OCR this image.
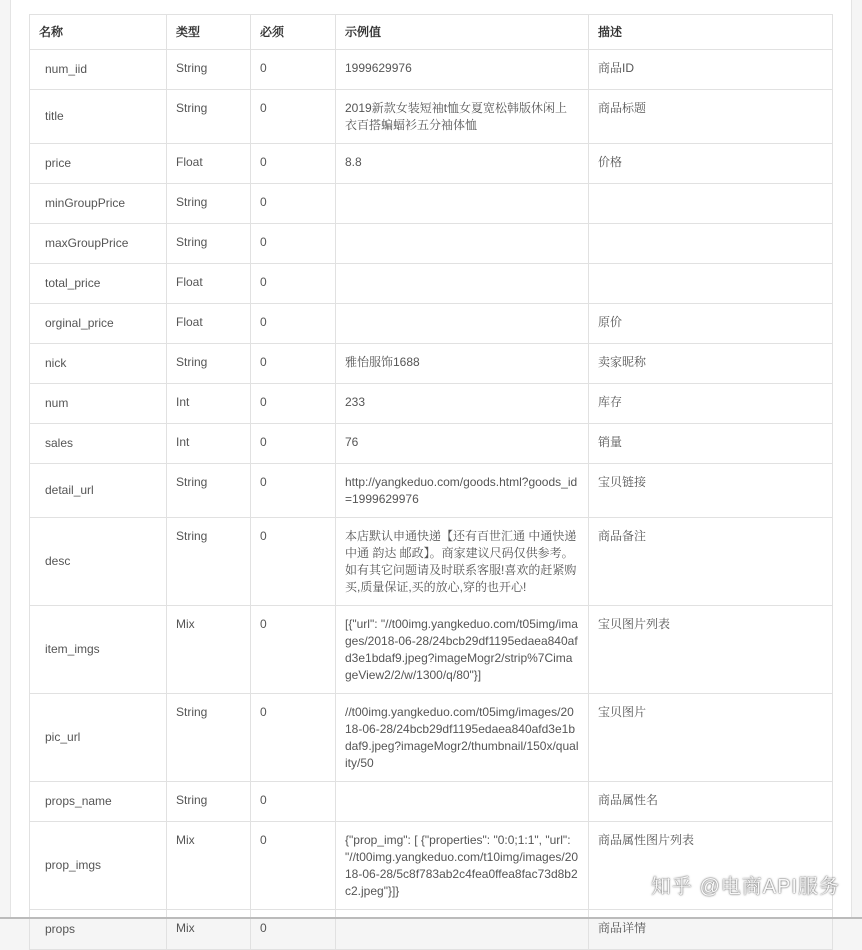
名称	类型	必须	示例值	描述
num_iid	String	0	1999629976	商品ID
title	String	0	2019新款女装短袖t恤女夏宽松韩版休闲上衣百搭蝙蝠衫五分袖体恤	商品标题
price	Float	0	8.8	价格
minGroupPrice	String	0		
maxGroupPrice	String	0		
total_price	Float	0		
orginal_price	Float	0		原价
nick	String	0	雅怡服饰1688	卖家昵称
num	Int	0	233	库存
sales	Int	0	76	销量
detail_url	String	0	http://yangkeduo.com/goods.html?goods_id=1999629976	宝贝链接
desc	String	0	本店默认申通快递【还有百世汇通 中通快递 中通 韵达 邮政】。商家建议尺码仅供参考。如有其它问题请及时联系客服!喜欢的赶紧购买,质量保证,买的放心,穿的也开心!	商品备注
item_imgs	Mix	0	[{"url": "//t00img.yangkeduo.com/t05img/images/2018-06-28/24bcb29df1195edaea840afd3e1bdaf9.jpeg?imageMogr2/strip%7CimageView2/2/w/1300/q/80"}]	宝贝图片列表
pic_url	String	0	//t00img.yangkeduo.com/t05img/images/2018-06-28/24bcb29df1195edaea840afd3e1bdaf9.jpeg?imageMogr2/thumbnail/150x/quality/50	宝贝图片
props_name	String	0		商品属性名
prop_imgs	Mix	0	{"prop_img": [ {"properties": "0:0;1:1", "url": "//t00img.yangkeduo.com/t10img/images/2018-06-28/5c8f783ab2c4fea0ffea8fac73d8b2c2.jpeg"}]}	商品属性图片列表
props	Mix	0		商品详情
知乎 @电商API服务
